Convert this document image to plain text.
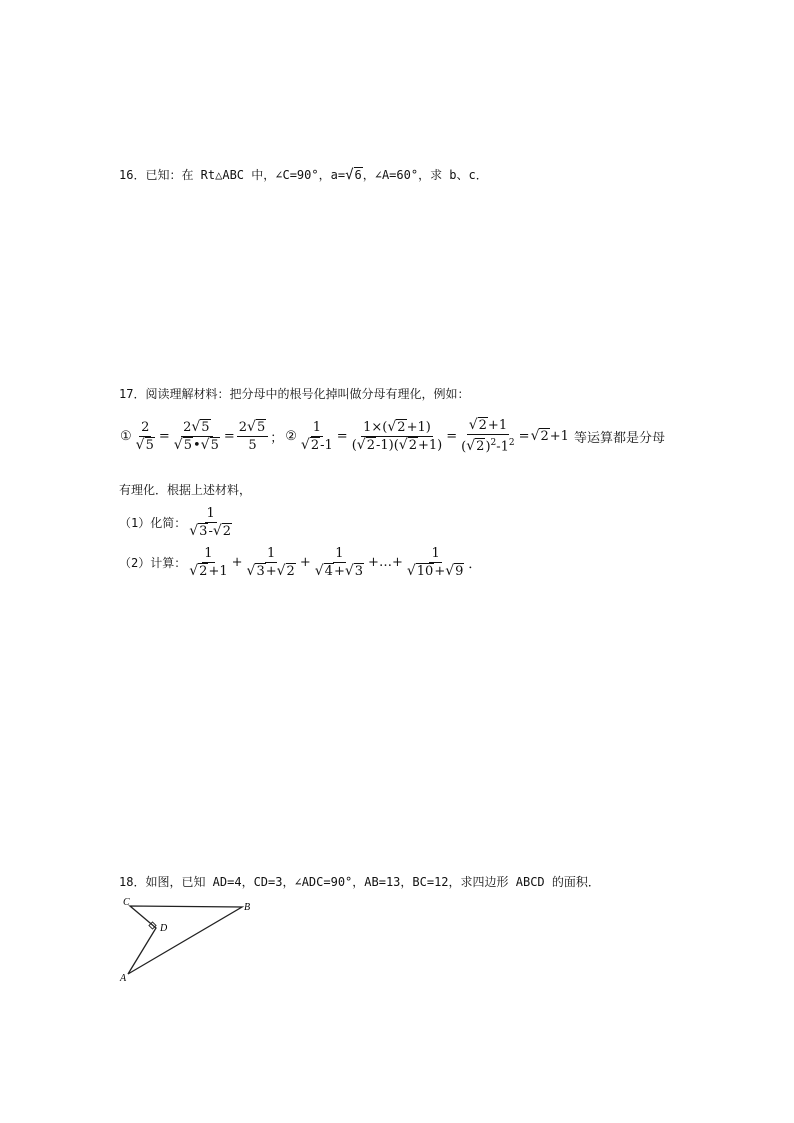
16．已知：在 Rt△ABC 中，∠C=90°，a=√6，∠A=60°，求 b、c．
17．阅读理解材料：把分母中的根号化掉叫做分母有理化，例如：
① $\frac{2}{√5} = \frac{2√5}{√5•√5} = \frac{2√5}{5}$ ； ② $\frac{1}{√2-1} = \frac{1\times(√2+1)}{(√2-1)(√2+1)} = \frac{√2+1}{(√2)^2-1^2} = √2 +1$ 等运算都是分母
有理化．根据上述材料，
（1）化简： $\frac{1}{√3-√2}$
（2）计算： $\frac{1}{√2+1} + \frac{1}{√3+√2} + \frac{1}{√4+√3}$ +…+ $\frac{1}{√10+√9}$ ．
18．如图，已知 AD=4，CD=3，∠ADC=90°，AB=13，BC=12，求四边形 ABCD 的面积．
C	B
D
A
